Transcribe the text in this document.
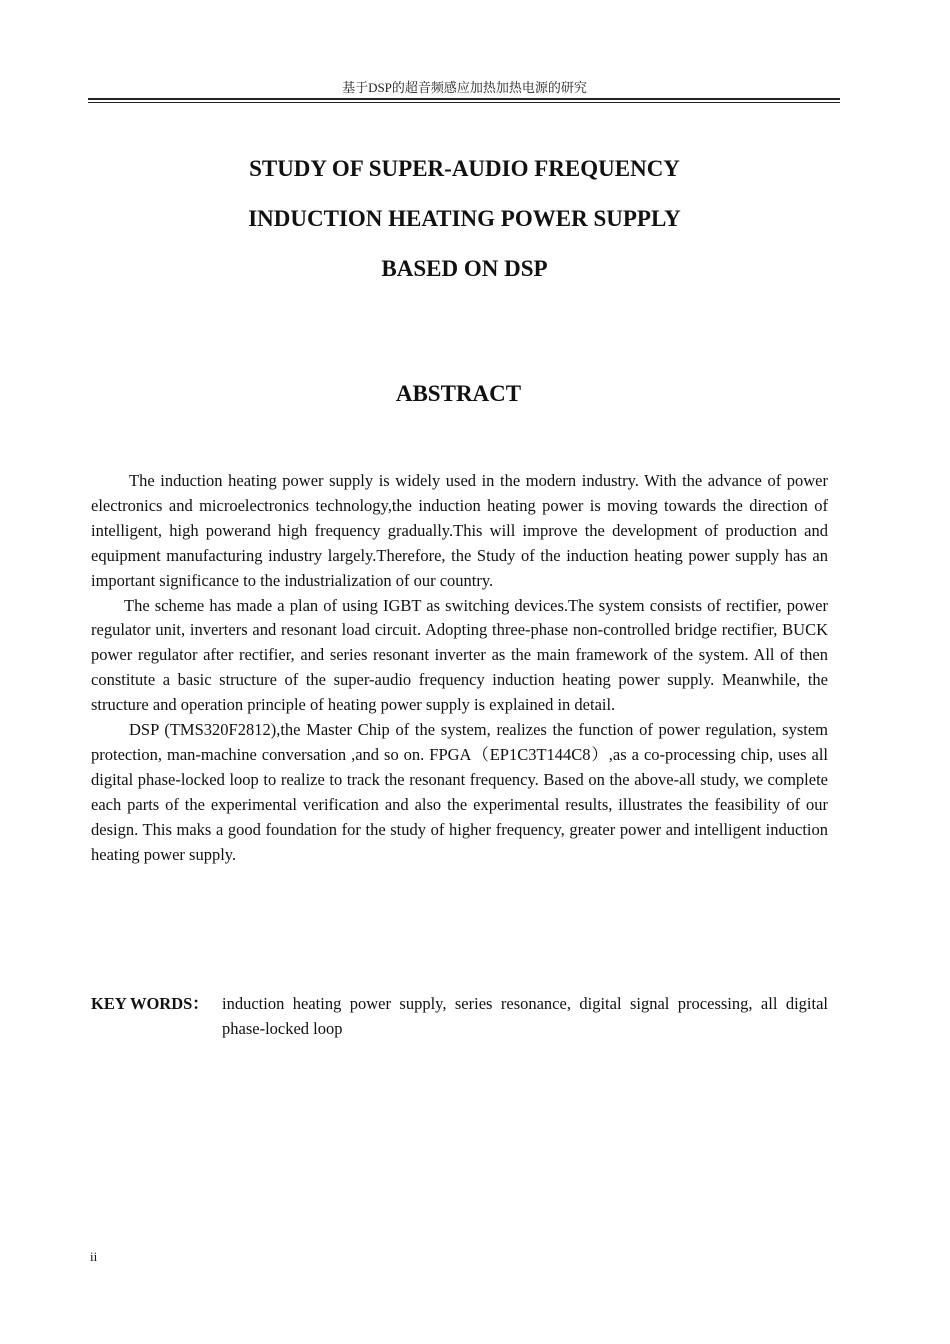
基于DSP的超音频感应加热加热电源的研究
STUDY OF SUPER-AUDIO FREQUENCY
INDUCTION HEATING POWER SUPPLY
BASED ON DSP
ABSTRACT

The induction heating power supply is widely used in the modern industry. With the advance of power electronics and microelectronics technology,the induction heating power is moving towards the direction of intelligent, high powerand high frequency gradually.This will improve the development of production and equipment manufacturing industry largely.Therefore, the Study of the induction heating power supply has an important significance to the industrialization of our country.

The scheme has made a plan of using IGBT as switching devices.The system consists of rectifier, power regulator unit, inverters and resonant load circuit. Adopting three-phase non-controlled bridge rectifier, BUCK power regulator after rectifier, and series resonant inverter as the main framework of the system. All of then constitute a basic structure of the super-audio frequency induction heating power supply. Meanwhile, the structure and operation principle of heating power supply is explained in detail.

DSP (TMS320F2812),the Master Chip of the system, realizes the function of power regulation, system protection, man-machine conversation ,and so on. FPGA（EP1C3T144C8）,as a co-processing chip, uses all digital phase-locked loop to realize to track the resonant frequency. Based on the above-all study, we complete each parts of the experimental verification and also the experimental results, illustrates the feasibility of our design. This maks a good foundation for the study of higher frequency, greater power and intelligent induction heating power supply.

KEY WORDS： induction heating power supply, series resonance, digital signal processing, all digital phase-locked loop
ii
